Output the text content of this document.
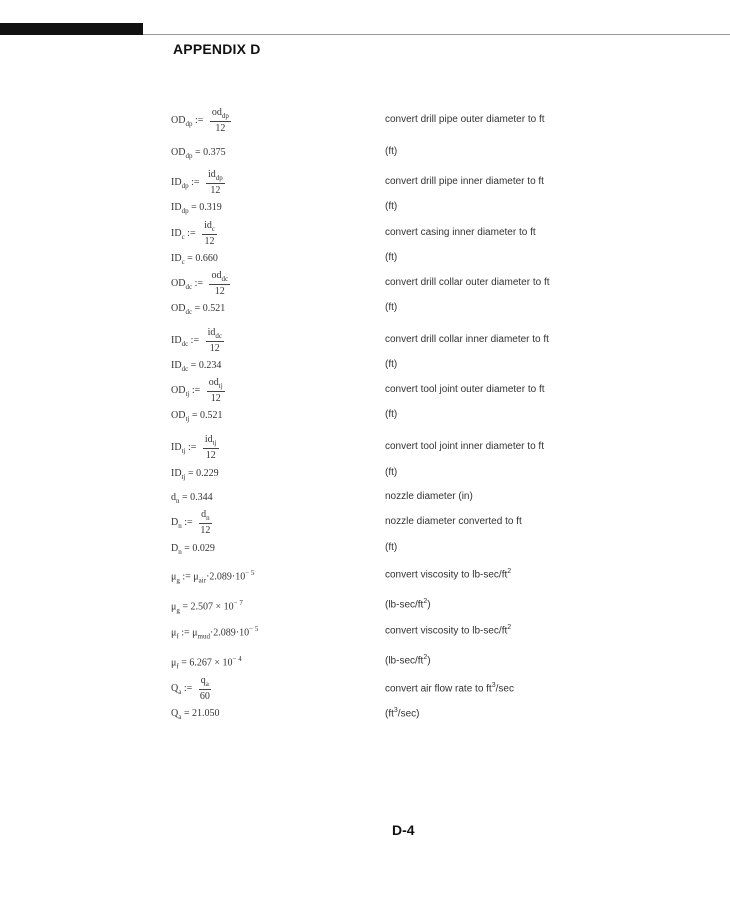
APPENDIX D
$OD_{dp}$ := $\frac{od_{dp}}{12}$	convert drill pipe outer diameter to ft
$OD_{dp} = 0.375$	(ft)
$ID_{dp}$ := $\frac{id_{dp}}{12}$	convert drill pipe inner diameter to ft
$ID_{dp} = 0.319$	(ft)
$ID_c$ := $\frac{id_c}{12}$	convert casing inner diameter to ft
$ID_c = 0.660$	(ft)
$OD_{dc}$ := $\frac{od_{dc}}{12}$	convert drill collar outer diameter to ft
$OD_{dc} = 0.521$	(ft)
$ID_{dc}$ := $\frac{id_{dc}}{12}$	convert drill collar inner diameter to ft
$ID_{dc} = 0.234$	(ft)
$OD_{tj}$ := $\frac{od_{tj}}{12}$	convert tool joint outer diameter to ft
$OD_{tj} = 0.521$	(ft)
$ID_{tj}$ := $\frac{id_{tj}}{12}$	convert tool joint inner diameter to ft
$ID_{tj} = 0.229$	(ft)
$d_n = 0.344$	nozzle diameter (in)
$D_n$ := $\frac{d_n}{12}$	nozzle diameter converted to ft
$D_n = 0.029$	(ft)
$\mu_g$ := $\mu_{air}\cdot 2.089\cdot 10^{- 5}$	convert viscosity to $lb-\sec/ft^2$
$\mu_g = 2.507 \times 10^{- 7}$	$(lb-\sec/ft^2)$
$\mu_f$ := $\mu_{mud}\cdot 2.089\cdot 10^{- 5}$	convert viscosity to $lb-\sec/ft^2$
$\mu_f = 6.267 \times 10^{- 4}$	$(lb-\sec/ft^2)$
$Q_a$ := $\frac{q_a}{60}$	convert air flow rate to $ft^3/\sec$
$Q_a = 21.050$	$(ft^3/\sec)$
D-4
